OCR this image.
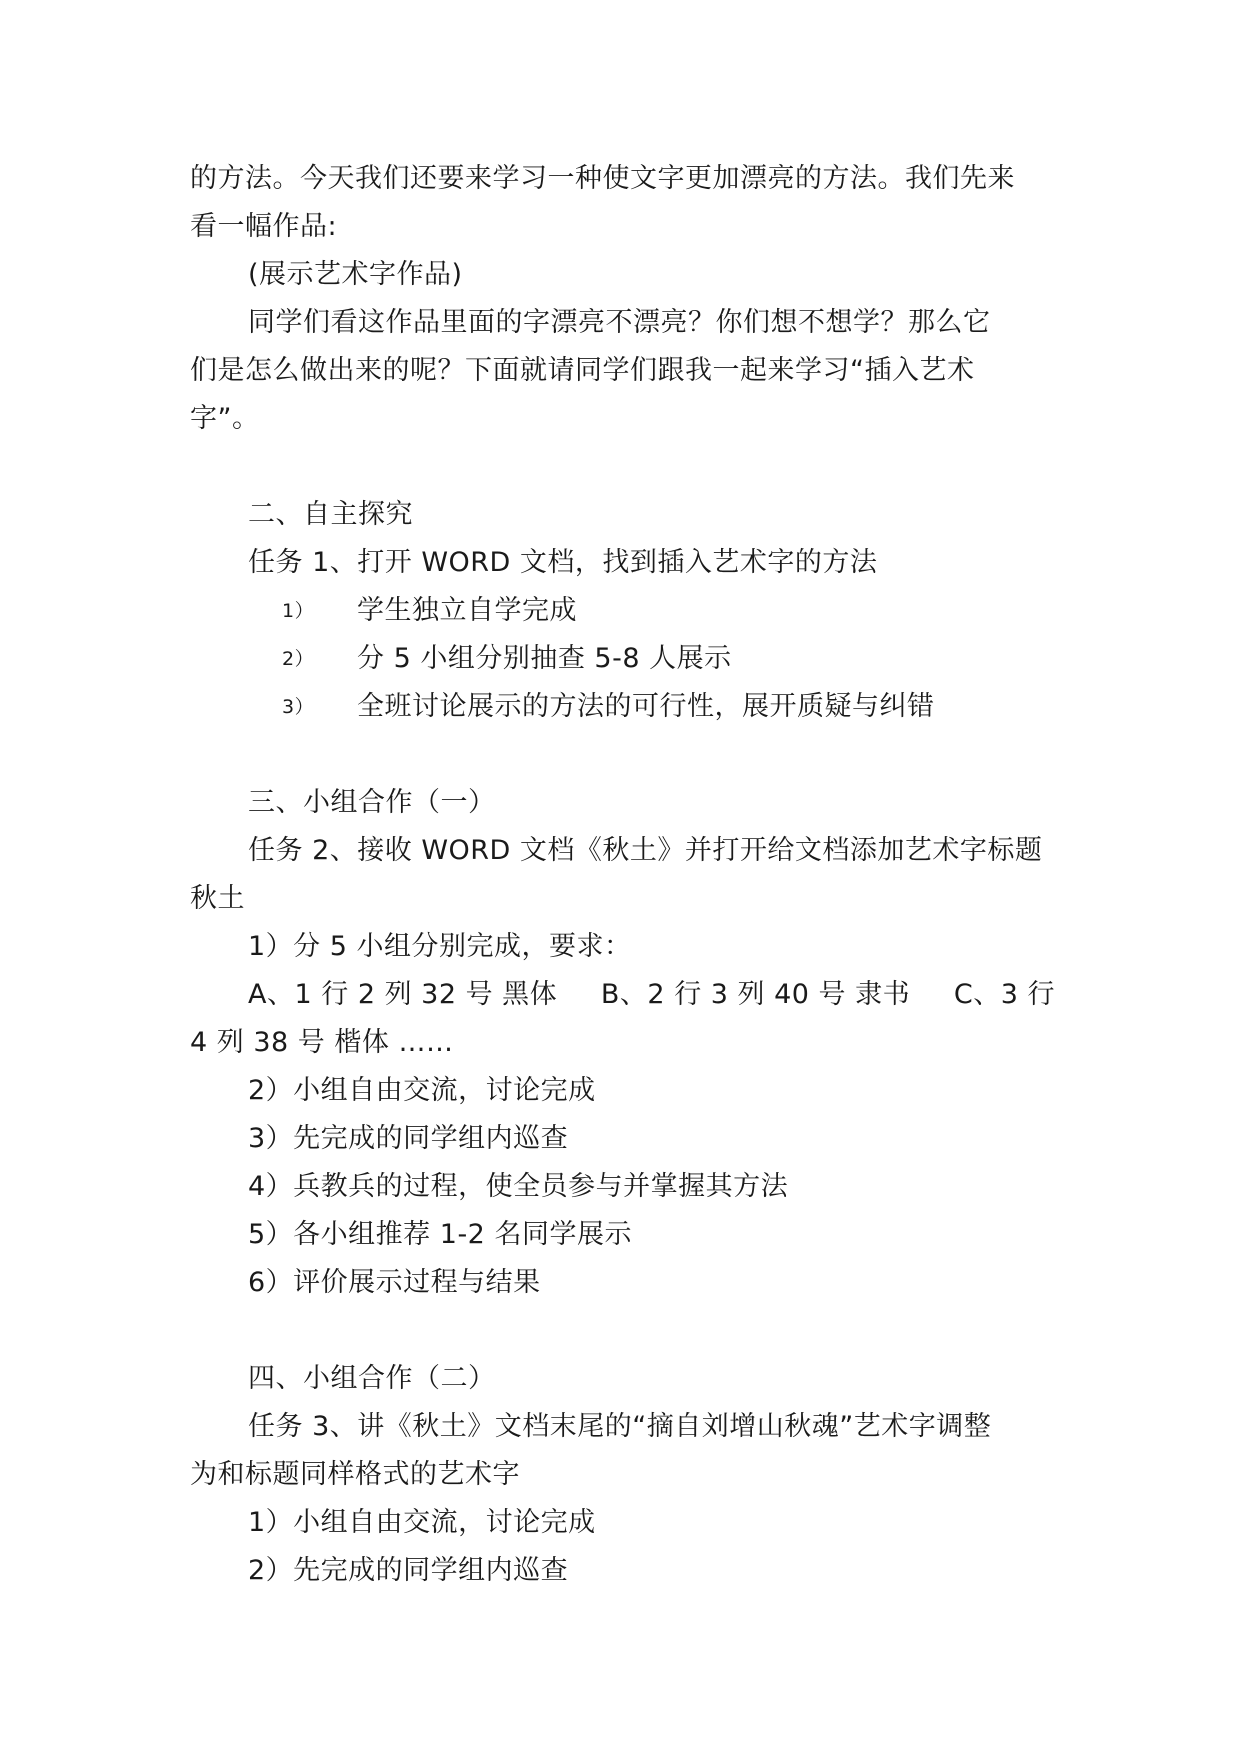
的方法。今天我们还要来学习一种使文字更加漂亮的方法。我们先来
看一幅作品:
(展示艺术字作品)
同学们看这作品里面的字漂亮不漂亮？你们想不想学？那么它
们是怎么做出来的呢？下面就请同学们跟我一起来学习“插入艺术
字”。
二、自主探究
任务 1、打开 WORD 文档，找到插入艺术字的方法
1）	学生独立自学完成
2）	分 5 小组分别抽查 5-8 人展示
3）	全班讨论展示的方法的可行性，展开质疑与纠错
三、小组合作（一）
任务 2、接收 WORD 文档《秋土》并打开给文档添加艺术字标题
秋土
1）分 5 小组分别完成，要求：
A、1 行 2 列 32 号 黑体 B、2 行 3 列 40 号 隶书 C、3 行
4 列 38 号 楷体 ……
2）小组自由交流，讨论完成
3）先完成的同学组内巡查
4）兵教兵的过程，使全员参与并掌握其方法
5）各小组推荐 1-2 名同学展示
6）评价展示过程与结果
四、小组合作（二）
任务 3、讲《秋土》文档末尾的“摘自刘增山秋魂”艺术字调整
为和标题同样格式的艺术字
1）小组自由交流，讨论完成
2）先完成的同学组内巡查
